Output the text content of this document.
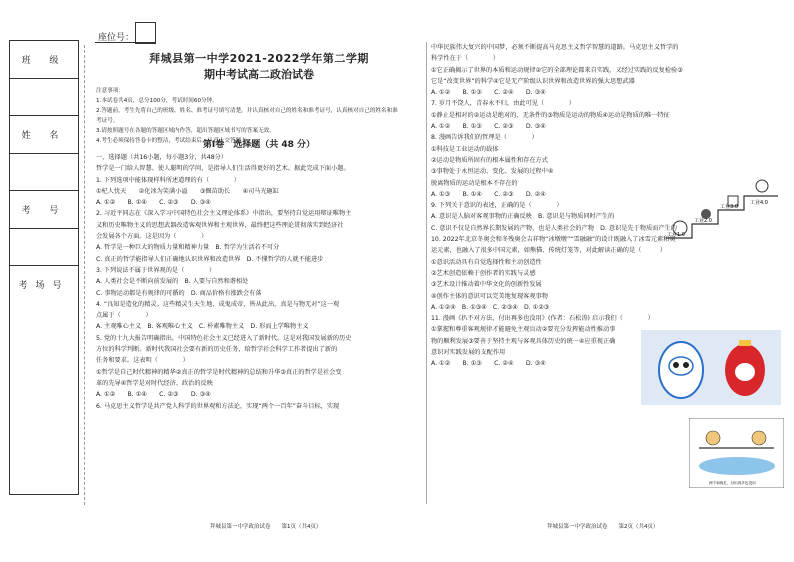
座位号：
班 级
姓 名
考 号
考场号
拜城县第一中学2021-2022学年第二学期
期中考试高二政治试卷

注意事项：

1.本试卷共4页，总分100分，考试时间60分钟。

2.答题前，考生先将自己的班级、姓名、准考证号填写清楚，并认真核对自己的姓名和准考证号，认真核对自己的姓名和准

考证号。

3.请按照题号在各题的答题区域内作答，超出答题区域书写的答案无效。

4.考生必须保持答卷卡的整洁，考试结束后，认真上交答题卡。

第Ⅰ卷　选择题（共 48 分）

一、选择题（共16小题，每小题3分，共48分）

哲学是一门给人智慧、使人聪明的学问，是指导人们生活得更好的艺术。据此完成下面小题。

1. 下列选项中能体现样科所述道理的有（　　　　）

①杞人忧天　　②化冰为笑满小溢　　③揠苗助长　　④司马光砸缸

A. ①②　　B. ①④　　C. ②③　　D. ③④

2. 习近平同志在《深入学习中国特色社会主义理论体系》中指出，要坚持自觉运用辩证唯物主

义和历史唯物主义的思想武器改造客观世界和主观世界，最终把这些理论贯彻落实到经济社

会发展各个方面。这是因为（　　　　）

A. 哲学是一种巨大的物质力量和精神力量　B. 哲学为生活若不可分

C. 真正的哲学能指导人们正确地认识世界和改造世界　D. 不懂哲学的人就不能进步

3. 下列说法不属于世界观的是（　　　　）

A. 人类社会是不断向前发展的　B. 人要与自然和谐相处

C. 事物运动都是有规律的可循的　D. 商品价格有涨跌会有落

4. “良知是造化的精灵。这些精灵生天生地、成鬼成帝，皆从此出，真是与物无对”这一观

点属于（　　　　）

A. 主观唯心主义　B. 客观唯心主义　C. 朴素唯物主义　D. 形而上学唯物主义

5. 党的十九大报告明确指出，中国特色社会主义已经进入了新时代。这是对我国发展新的历史

方位的科学判断。新时代我国社会要有新的历史任务，给哲学社会科学工作者提出了新的

任务和要求。这表明（　　　　）

①哲学是自己时代精神的精华②真正的哲学是时代精神的总结和升华③真正的哲学是社会变

革的先导④哲学是对时代经济、政治的反映

A. ①②　　B. ①④　　C. ②③　　D. ③④

6. 马克思主义哲学是共产党人科学的世界观和方法论，实现“两个一百年”奋斗目标，实现

中华民族伟大复兴的中国梦，必须不断提高马克思主义哲学智慧的道路。马克思主义哲学的

科学性在于（　　　　）

①它正确揭示了世界的本质和运动规律②它的全部理论都来自实践，又经过实践的反复检验③

它是“改变世界”的科学④它是无产阶级认识世界和改造世界的强大思想武器

A. ①②　　B. ①③　　C. ②④　　D. ③④

7. 岁月不饶人，青春永不归，由此可见（　　　　）

①静止是相对的②运动是绝对的、无条件的③物质是运动的物质④运动是物质的唯一特征

A. ①②　　B. ①③　　C. ②③　　D. ③④

8. 漫画告诉我们的哲理是（　　　　）

①科技是工业运动的载体

②运动是物质所固有的根本属性和存在方式

③事物处于永恒运动、变化、发展的过程中④

脱离物质的运动是根本不存在的

A. ①③　　B. ①④　　C. ②③　　D. ②④

9. 下列关于意识的表述，正确的是（　　　　）

A. 意识是人脑对客观事物的正确反映　B. 意识是与物质同时产生的

C. 意识不仅是自然界长期发展的产物，也是人类社会的产物　D. 意识是先于物质而产生的

10. 2022年北京冬奥会和冬残奥会吉祥物“冰墩墩”“雪融融”的设计既融入了冰雪元素和奥

运元素，也融入了很多中国元素，如熊猫、传统灯笼等，对此解读正确的是（　　　）

①意识活动具有自觉选择性和主动创造性

②艺术创造依赖于创作者的实践与灵感

③艺术设计推动着中华文化的创新性发展

④创作主体的意识可以完美地复现客观事物

A. ①②④　B. ①③④　C. ②③④　D. ①②③

11. 漫画《扒不对方法，付出再多也没用》(作者：石松涛) 启示我们（　　　　）

①掌握和尊重客观规律才能避免主观盲动②要充分发挥能动性推动事

物的顺利发展③要善于坚持主观与客观具体历史的统一④应重视正确

意识对实践发展的支配作用

A. ①②　　B. ①③　　C. ②④　　D. ③④

工业1.0
工业2.0
工业3.0
工业4.0
两个和尚扛，付出再多也没用
拜城县第一中学政治试卷　　第1页（共4页）	拜城县第一中学政治试卷　　第2页（共4页）
